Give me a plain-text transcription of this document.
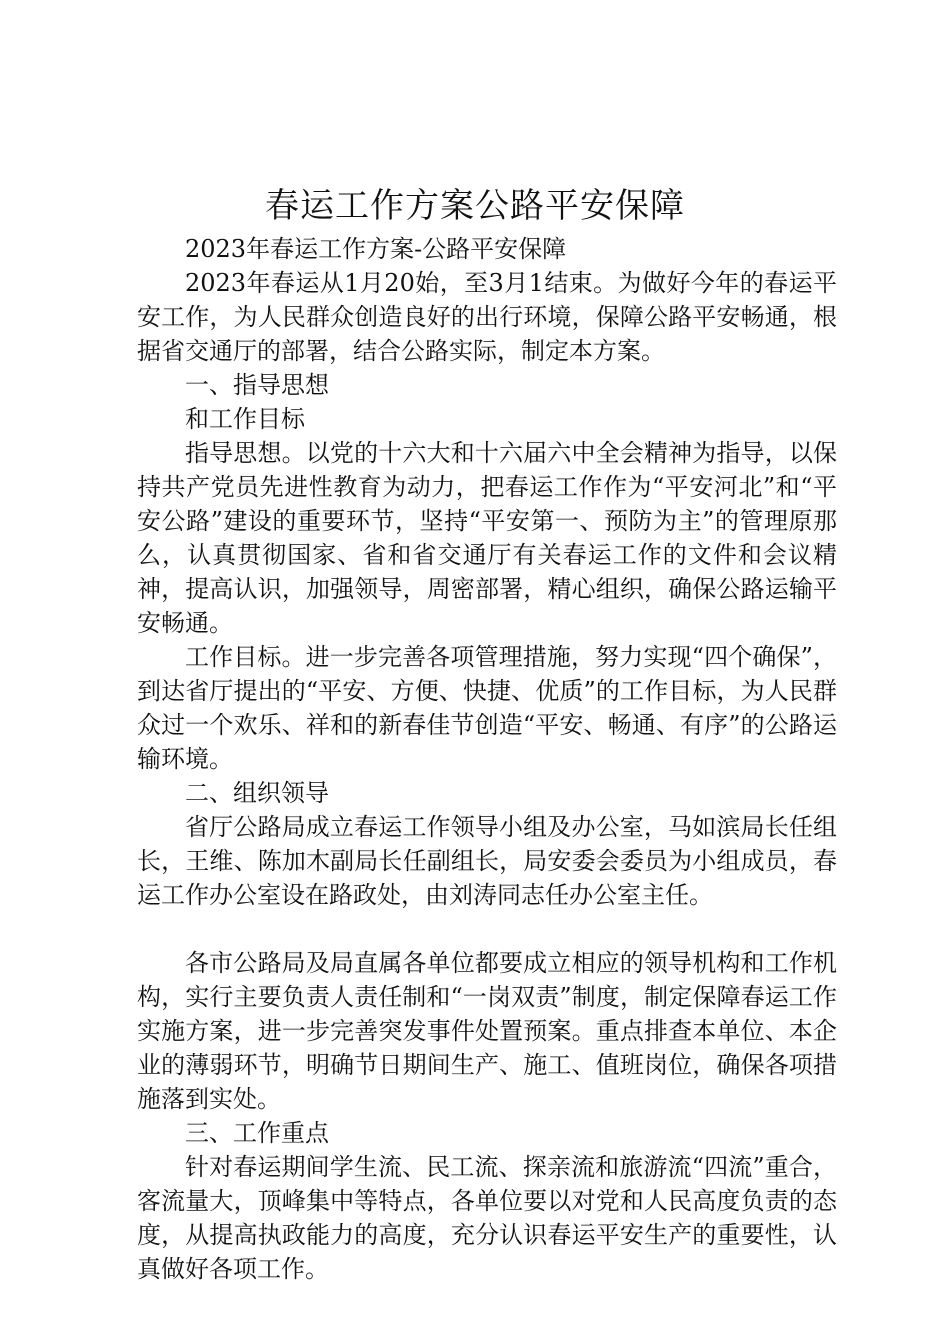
春运工作方案公路平安保障

2023年春运工作方案-公路平安保障

2023年春运从1月20始，至3月1结束。为做好今年的春运平安工作，为人民群众创造良好的出行环境，保障公路平安畅通，根据省交通厅的部署，结合公路实际，制定本方案。

一、指导思想

和工作目标

指导思想。以党的十六大和十六届六中全会精神为指导，以保持共产党员先进性教育为动力，把春运工作作为“平安河北”和“平安公路”建设的重要环节，坚持“平安第一、预防为主”的管理原那么，认真贯彻国家、省和省交通厅有关春运工作的文件和会议精神，提高认识，加强领导，周密部署，精心组织，确保公路运输平安畅通。

工作目标。进一步完善各项管理措施，努力实现“四个确保”，到达省厅提出的“平安、方便、快捷、优质”的工作目标，为人民群众过一个欢乐、祥和的新春佳节创造“平安、畅通、有序”的公路运输环境。

二、组织领导

省厅公路局成立春运工作领导小组及办公室，马如滨局长任组长，王维、陈加木副局长任副组长，局安委会委员为小组成员，春运工作办公室设在路政处，由刘涛同志任办公室主任。

各市公路局及局直属各单位都要成立相应的领导机构和工作机构，实行主要负责人责任制和“一岗双责”制度，制定保障春运工作实施方案，进一步完善突发事件处置预案。重点排查本单位、本企业的薄弱环节，明确节日期间生产、施工、值班岗位，确保各项措施落到实处。

三、工作重点

针对春运期间学生流、民工流、探亲流和旅游流“四流”重合，客流量大，顶峰集中等特点，各单位要以对党和人民高度负责的态度，从提高执政能力的高度，充分认识春运平安生产的重要性，认真做好各项工作。
